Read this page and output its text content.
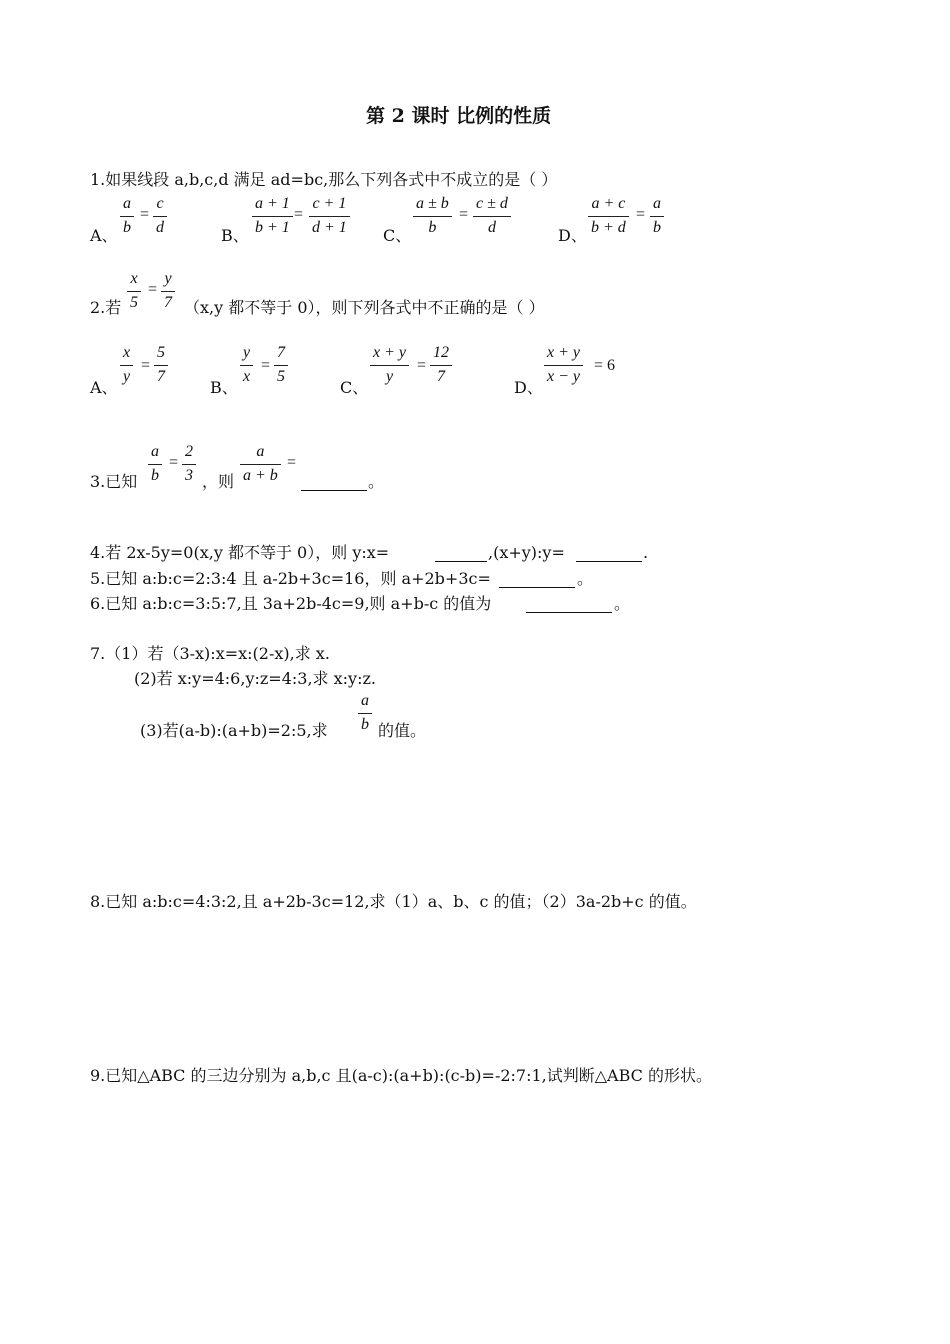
第 2 课时 比例的性质
1.如果线段 a,b,c,d 满足 ad=bc,那么下列各式中不成立的是（ ）
A、
a
b
=
c
d	B、
a + 1
b + 1
=
c + 1
d + 1 C、
a ± b
b
=
c ± d
d	D、
a + c
b + d
=
a
b
2.若
x
5
=
y
7 （x,y 都不等于 0），则下列各式中不正确的是（ ）
A、
x
y
=
5
7
B、
y
x
=
7
5
C、
x + y
y
=
12
7
D、
x + y
x − y
= 6
3.已知
a
b
=
2
3 ，则
a
a + b
=
。
4.若 2x-5y=0(x,y 都不等于 0），则 y:x=	,(x+y):y=	.
5.已知 a:b:c=2:3:4 且 a-2b+3c=16，则 a+2b+3c=	。
6.已知 a:b:c=3:5:7,且 3a+2b-4c=9,则 a+b-c 的值为	。
7.（1）若（3-x):x=x:(2-x),求 x.
(2)若 x:y=4:6,y:z=4:3,求 x:y:z.
(3)若(a-b):(a+b)=2:5,求
a
b 的值。
8.已知 a:b:c=4:3:2,且 a+2b-3c=12,求（1）a、b、c 的值；（2）3a-2b+c 的值。
9.已知△ABC 的三边分别为 a,b,c 且(a-c):(a+b):(c-b)=-2:7:1,试判断△ABC 的形状。
